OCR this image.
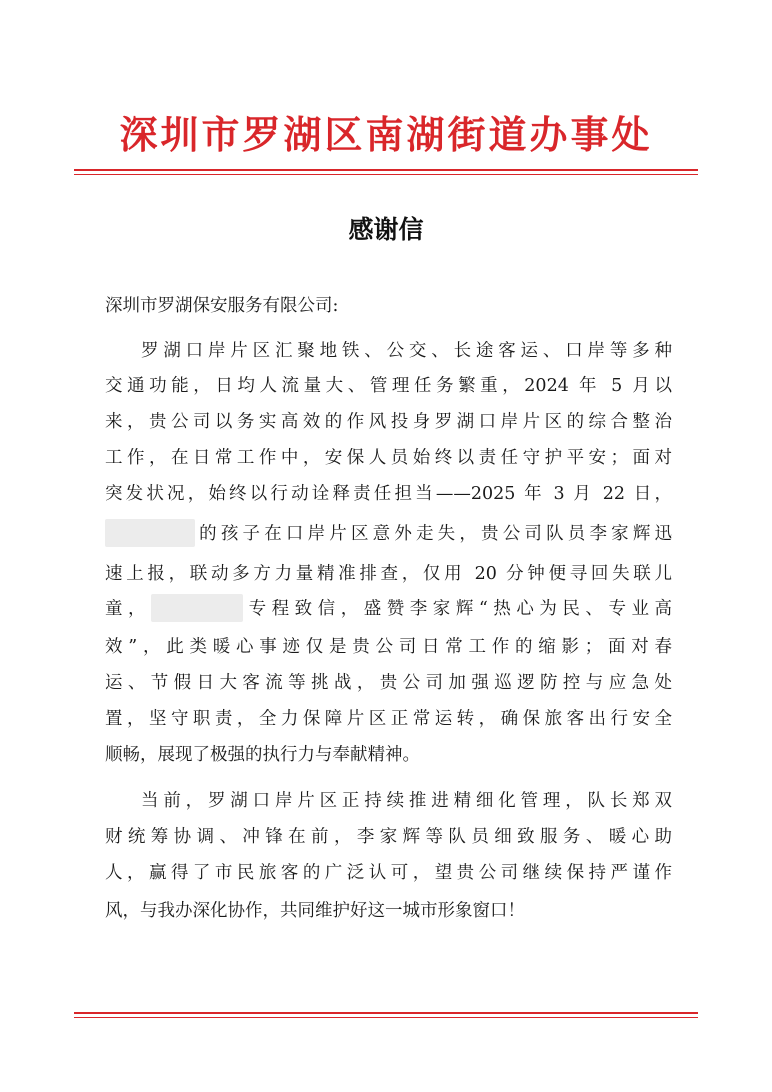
深圳市罗湖区南湖街道办事处
感谢信
深圳市罗湖保安服务有限公司:
罗湖口岸片区汇聚地铁、公交、长途客运、口岸等多种
交通功能，日均人流量大、管理任务繁重，2024 年 5 月以
来，贵公司以务实高效的作风投身罗湖口岸片区的综合整治
工作，在日常工作中，安保人员始终以责任守护平安；面对
突发状况，始终以行动诠释责任担当——2025 年 3 月 22 日，
的孩子在口岸片区意外走失，贵公司队员李家辉迅
速上报，联动多方力量精准排查，仅用 20 分钟便寻回失联儿
童，	专程致信，盛赞李家辉“热心为民、专业高
效”，此类暖心事迹仅是贵公司日常工作的缩影；面对春
运、节假日大客流等挑战，贵公司加强巡逻防控与应急处
置，坚守职责，全力保障片区正常运转，确保旅客出行安全
顺畅，展现了极强的执行力与奉献精神。
当前，罗湖口岸片区正持续推进精细化管理，队长郑双
财统筹协调、冲锋在前，李家辉等队员细致服务、暖心助
人，赢得了市民旅客的广泛认可，望贵公司继续保持严谨作
风，与我办深化协作，共同维护好这一城市形象窗口！
